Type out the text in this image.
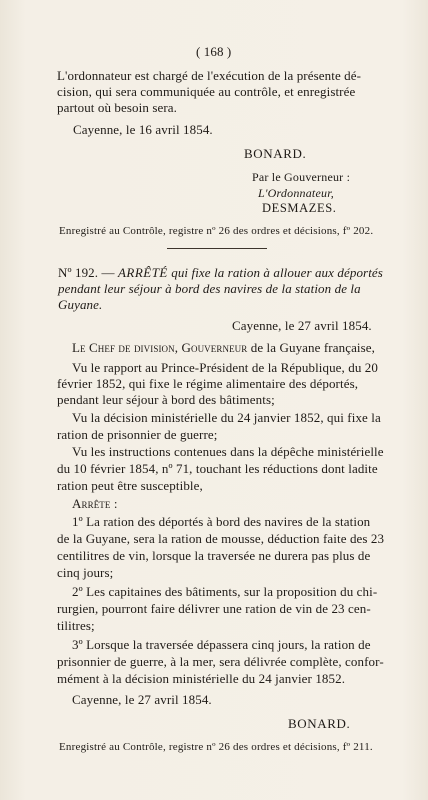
( 168 )
L'ordonnateur est chargé de l'exécution de la présente dé-
cision, qui sera communiquée au contrôle, et enregistrée
partout où besoin sera.
Cayenne, le 16 avril 1854.
BONARD.
Par le Gouverneur :
L'Ordonnateur,
DESMAZES.
Enregistré au Contrôle, registre nº 26 des ordres et décisions, fº 202.
Nº 192. — ARRÊTÉ qui fixe la ration à allouer aux déportés
pendant leur séjour à bord des navires de la station de la
Guyane.
Cayenne, le 27 avril 1854.
Le Chef de division, Gouverneur de la Guyane française,
Vu le rapport au Prince-Président de la République, du 20
février 1852, qui fixe le régime alimentaire des déportés,
pendant leur séjour à bord des bâtiments;
Vu la décision ministérielle du 24 janvier 1852, qui fixe la
ration de prisonnier de guerre;
Vu les instructions contenues dans la dépêche ministérielle
du 10 février 1854, nº 71, touchant les réductions dont ladite
ration peut être susceptible,
Arrête :
1º La ration des déportés à bord des navires de la station
de la Guyane, sera la ration de mousse, déduction faite des 23
centilitres de vin, lorsque la traversée ne durera pas plus de
cinq jours;
2º Les capitaines des bâtiments, sur la proposition du chi-
rurgien, pourront faire délivrer une ration de vin de 23 cen-
tilitres;
3º Lorsque la traversée dépassera cinq jours, la ration de
prisonnier de guerre, à la mer, sera délivrée complète, confor-
mément à la décision ministérielle du 24 janvier 1852.
Cayenne, le 27 avril 1854.
BONARD.
Enregistré au Contrôle, registre nº 26 des ordres et décisions, fº 211.
